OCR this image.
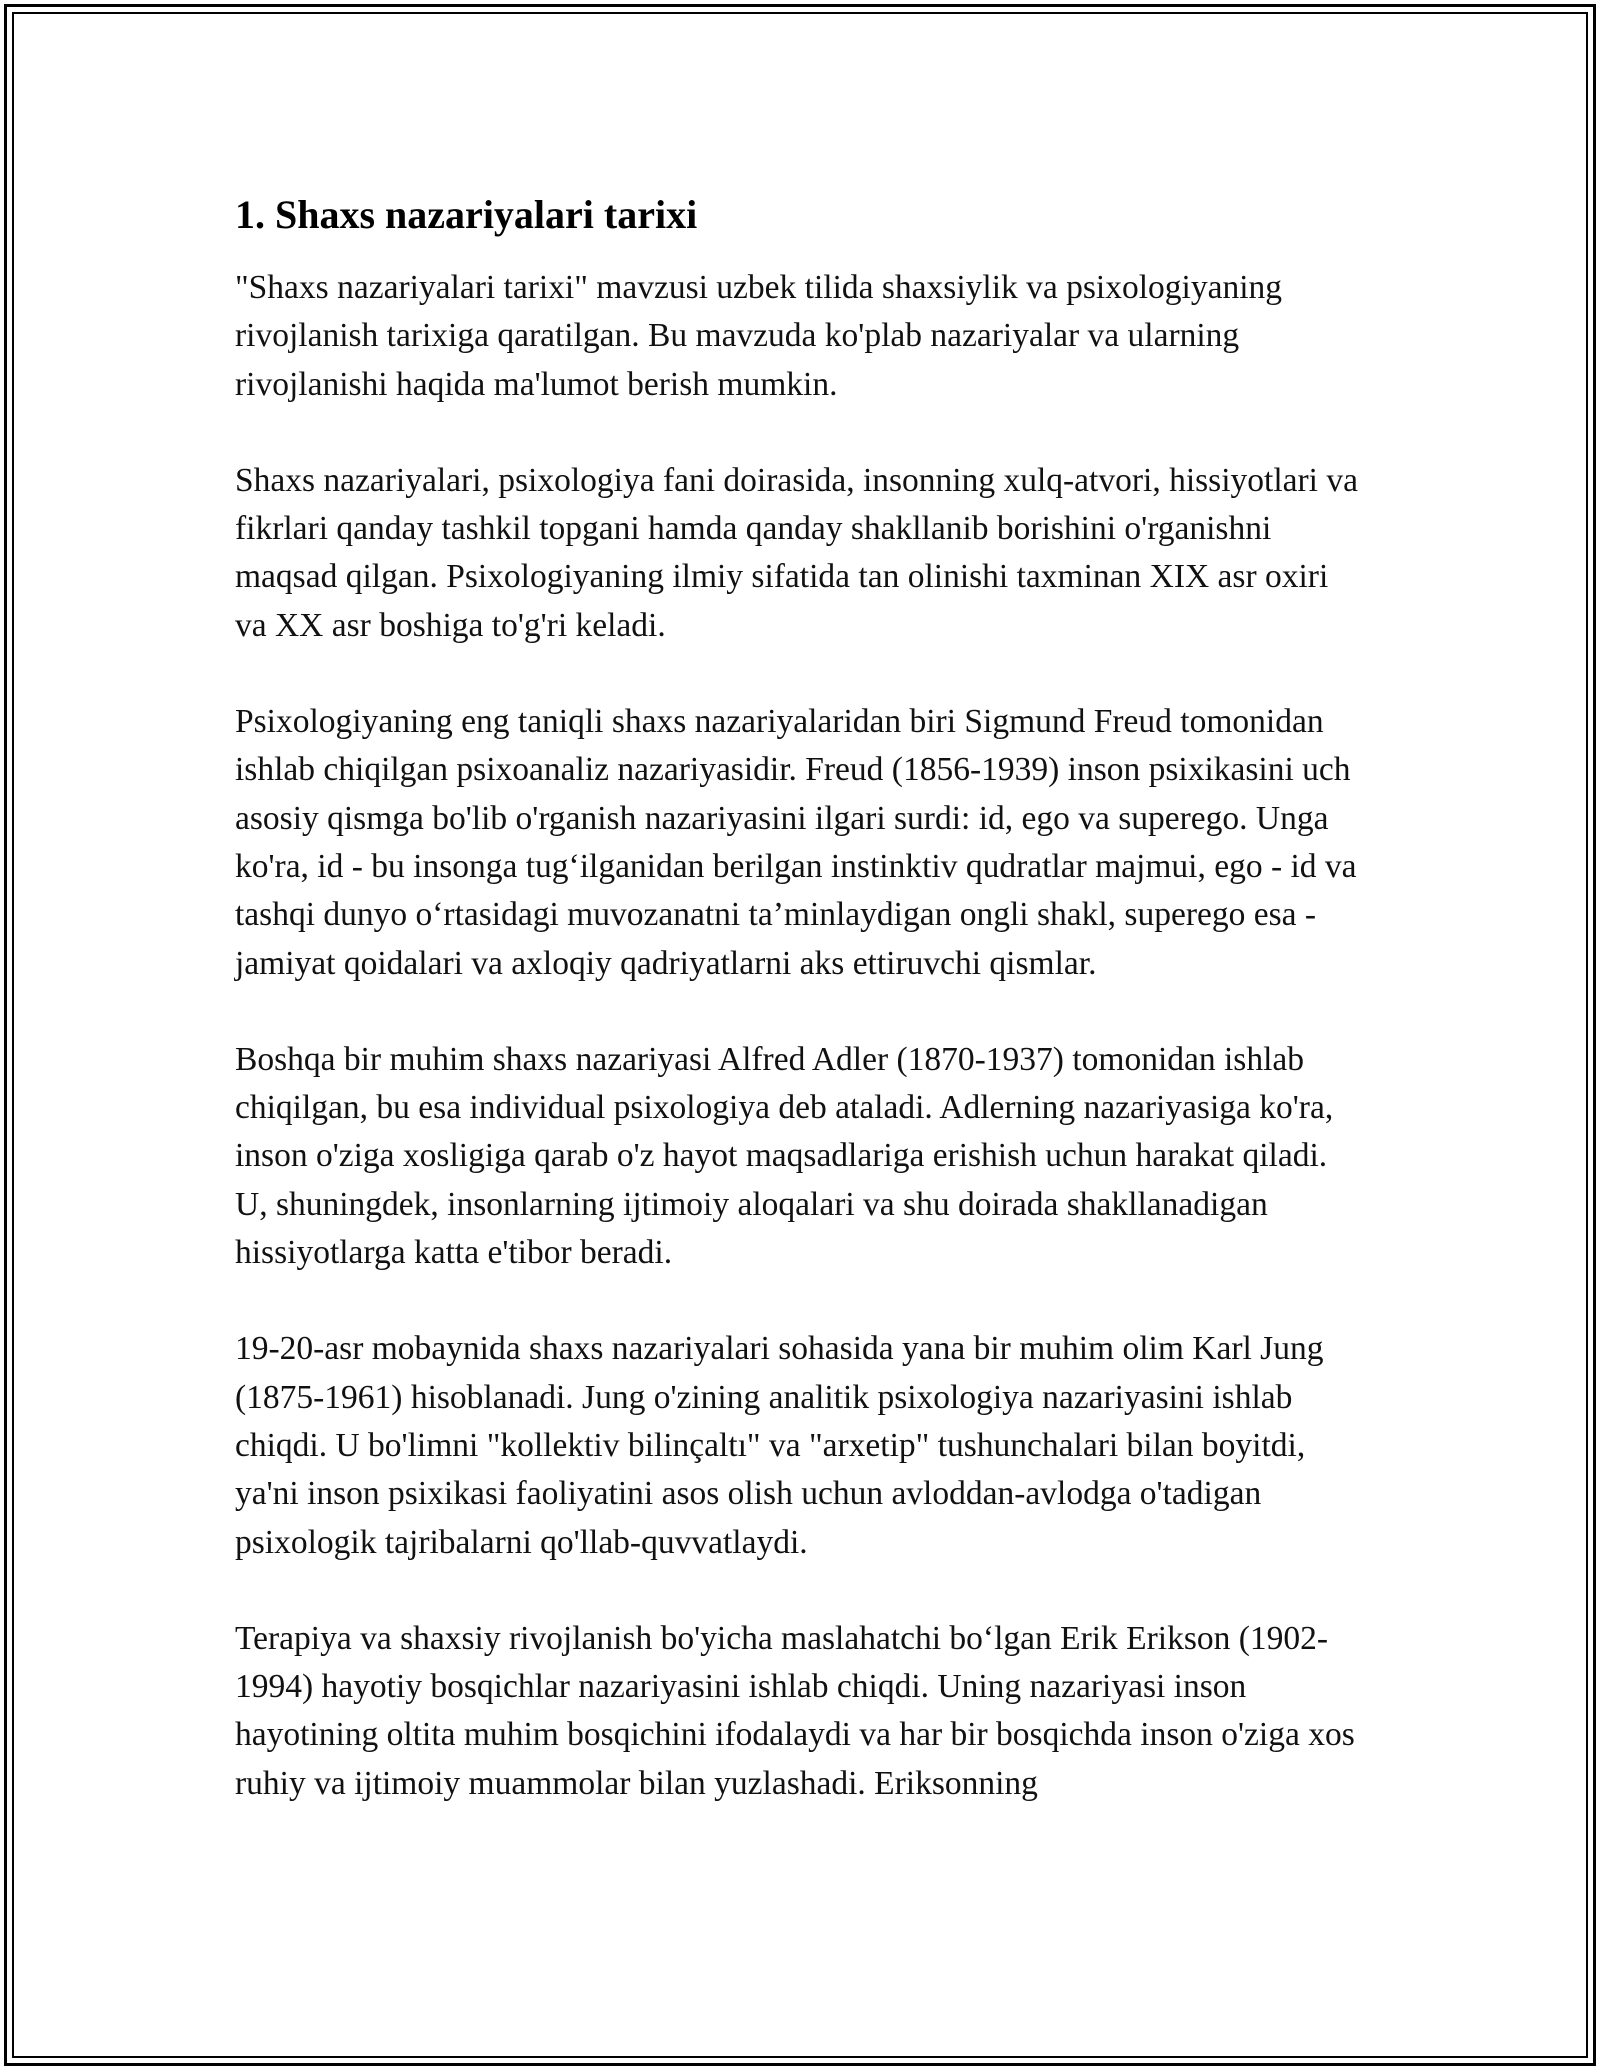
1. Shaxs nazariyalari tarixi

"Shaxs nazariyalari tarixi" mavzusi uzbek tilida shaxsiylik va psixologiyaning rivojlanish tarixiga qaratilgan. Bu mavzuda ko'plab nazariyalar va ularning rivojlanishi haqida ma'lumot berish mumkin.

Shaxs nazariyalari, psixologiya fani doirasida, insonning xulq-atvori, hissiyotlari va fikrlari qanday tashkil topgani hamda qanday shakllanib borishini o'rganishni maqsad qilgan. Psixologiyaning ilmiy sifatida tan olinishi taxminan XIX asr oxiri va XX asr boshiga to'g'ri keladi.

Psixologiyaning eng taniqli shaxs nazariyalaridan biri Sigmund Freud tomonidan ishlab chiqilgan psixoanaliz nazariyasidir. Freud (1856-1939) inson psixikasini uch asosiy qismga bo'lib o'rganish nazariyasini ilgari surdi: id, ego va superego. Unga ko'ra, id - bu insonga tug‘ilganidan berilgan instinktiv qudratlar majmui, ego - id va tashqi dunyo o‘rtasidagi muvozanatni ta’minlaydigan ongli shakl, superego esa - jamiyat qoidalari va axloqiy qadriyatlarni aks ettiruvchi qismlar.

Boshqa bir muhim shaxs nazariyasi Alfred Adler (1870-1937) tomonidan ishlab chiqilgan, bu esa individual psixologiya deb ataladi. Adlerning nazariyasiga ko'ra, inson o'ziga xosligiga qarab o'z hayot maqsadlariga erishish uchun harakat qiladi. U, shuningdek, insonlarning ijtimoiy aloqalari va shu doirada shakllanadigan hissiyotlarga katta e'tibor beradi.

19-20-asr mobaynida shaxs nazariyalari sohasida yana bir muhim olim Karl Jung (1875-1961) hisoblanadi. Jung o'zining analitik psixologiya nazariyasini ishlab chiqdi. U bo'limni "kollektiv bilinçaltı" va "arxetip" tushunchalari bilan boyitdi, ya'ni inson psixikasi faoliyatini asos olish uchun avloddan-avlodga o'tadigan psixologik tajribalarni qo'llab-quvvatlaydi.

Terapiya va shaxsiy rivojlanish bo'yicha maslahatchi bo‘lgan Erik Erikson (1902-1994) hayotiy bosqichlar nazariyasini ishlab chiqdi. Uning nazariyasi inson hayotining oltita muhim bosqichini ifodalaydi va har bir bosqichda inson o'ziga xos ruhiy va ijtimoiy muammolar bilan yuzlashadi. Eriksonning
